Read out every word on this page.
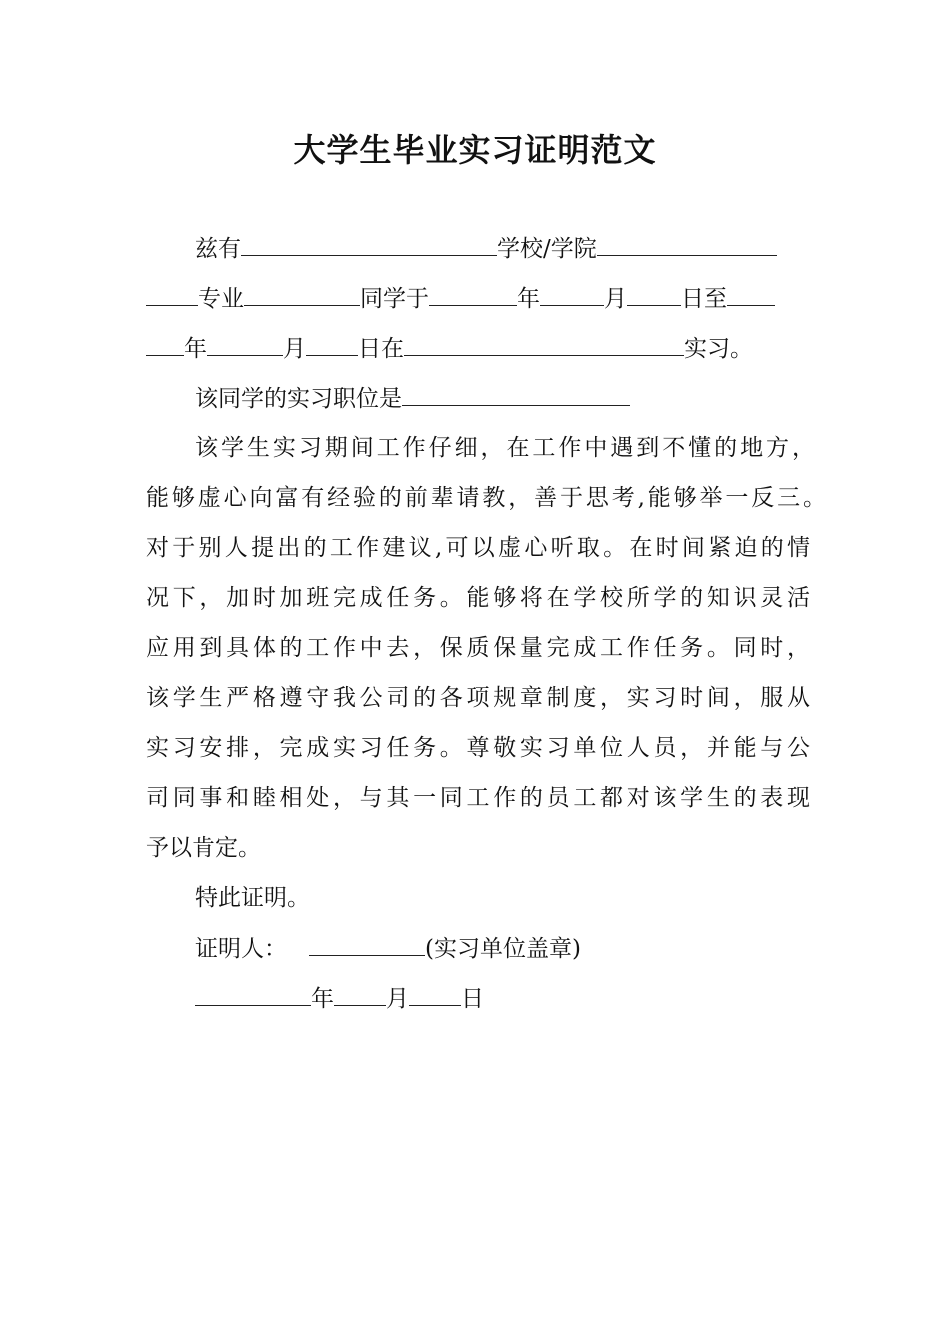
大学生毕业实习证明范文

兹有	学校/学院

专业	同学于	年	月 日至

年	月 日在	实习。

该同学的实习职位是

该学生实习期间工作仔细，在工作中遇到不懂的地方，

能够虚心向富有经验的前辈请教，善于思考,能够举一反三。

对于别人提出的工作建议,可以虚心听取。在时间紧迫的情

况下，加时加班完成任务。能够将在学校所学的知识灵活

应用到具体的工作中去，保质保量完成工作任务。同时，

该学生严格遵守我公司的各项规章制度，实习时间，服从

实习安排，完成实习任务。尊敬实习单位人员，并能与公

司同事和睦相处，与其一同工作的员工都对该学生的表现

予以肯定。

特此证明。

证明人：	(实习单位盖章)

年 月 日
